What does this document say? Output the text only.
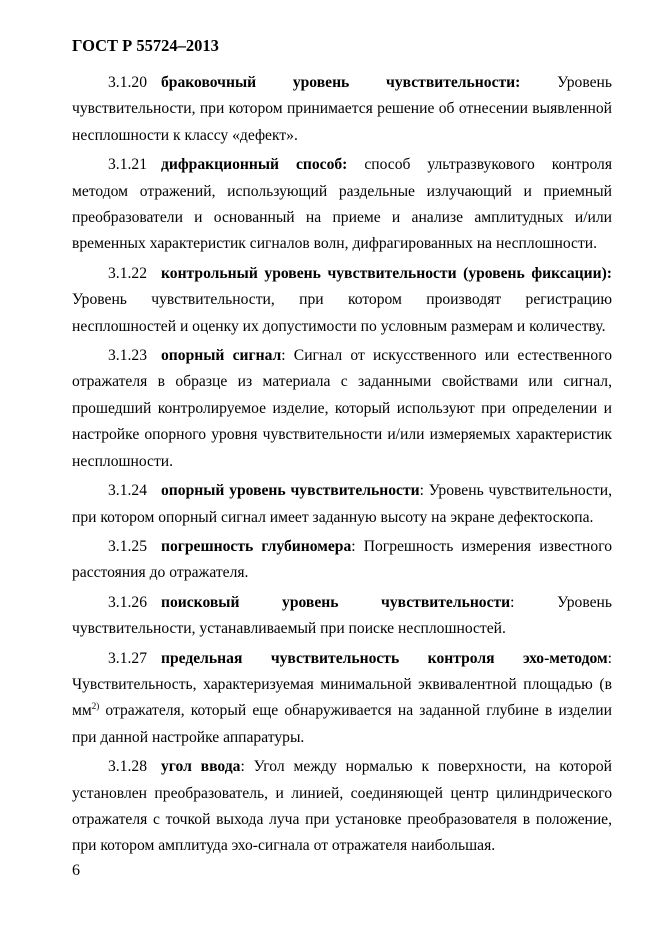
ГОСТ Р 55724–2013

3.1.20 браковочный уровень чувствительности: Уровень чувствительности, при котором принимается решение об отнесении выявленной несплошности к классу «дефект».

3.1.21 дифракционный способ: способ ультразвукового контроля методом отражений, использующий раздельные излучающий и приемный преобразователи и основанный на приеме и анализе амплитудных и/или временных характеристик сигналов волн, дифрагированных на несплошности.

3.1.22 контрольный уровень чувствительности (уровень фиксации): Уровень чувствительности, при котором производят регистрацию несплошностей и оценку их допустимости по условным размерам и количеству.

3.1.23 опорный сигнал: Сигнал от искусственного или естественного отражателя в образце из материала с заданными свойствами или сигнал, прошедший контролируемое изделие, который используют при определении и настройке опорного уровня чувствительности и/или измеряемых характеристик несплошности.

3.1.24 опорный уровень чувствительности: Уровень чувствительности, при котором опорный сигнал имеет заданную высоту на экране дефектоскопа.

3.1.25 погрешность глубиномера: Погрешность измерения известного расстояния до отражателя.

3.1.26 поисковый уровень чувствительности: Уровень чувствительности, устанавливаемый при поиске несплошностей.

3.1.27 предельная чувствительность контроля эхо-методом: Чувствительность, характеризуемая минимальной эквивалентной площадью (в $мм^{2)}$ отражателя, который еще обнаруживается на заданной глубине в изделии при данной настройке аппаратуры.

3.1.28 угол ввода: Угол между нормалью к поверхности, на которой установлен преобразователь, и линией, соединяющей центр цилиндрического отражателя с точкой выхода луча при установке преобразователя в положение, при котором амплитуда эхо-сигнала от отражателя наибольшая.

6
